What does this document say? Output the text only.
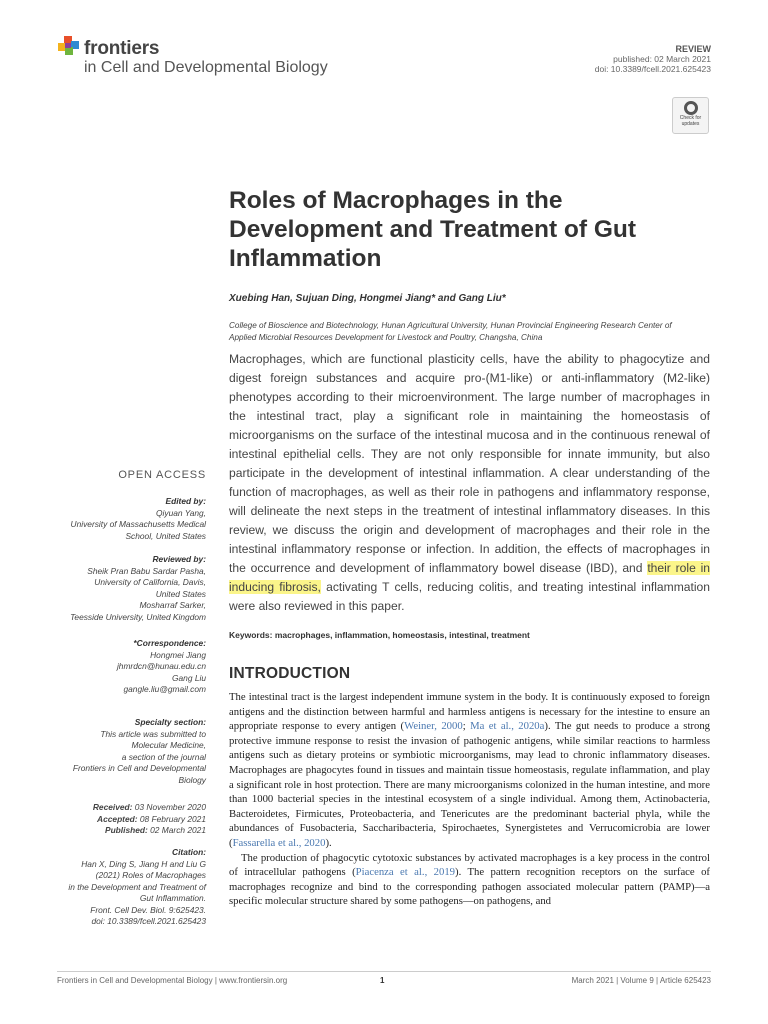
frontiers
in Cell and Developmental Biology
REVIEW
published: 02 March 2021
doi: 10.3389/fcell.2021.625423
Check for
updates
Roles of Macrophages in the Development and Treatment of Gut Inflammation
Xuebing Han, Sujuan Ding, Hongmei Jiang* and Gang Liu*
College of Bioscience and Biotechnology, Hunan Agricultural University, Hunan Provincial Engineering Research Center of Applied Microbial Resources Development for Livestock and Poultry, Changsha, China
Macrophages, which are functional plasticity cells, have the ability to phagocytize and digest foreign substances and acquire pro-(M1-like) or anti-inflammatory (M2-like) phenotypes according to their microenvironment. The large number of macrophages in the intestinal tract, play a significant role in maintaining the homeostasis of microorganisms on the surface of the intestinal mucosa and in the continuous renewal of intestinal epithelial cells. They are not only responsible for innate immunity, but also participate in the development of intestinal inflammation. A clear understanding of the function of macrophages, as well as their role in pathogens and inflammatory response, will delineate the next steps in the treatment of intestinal inflammatory diseases. In this review, we discuss the origin and development of macrophages and their role in the intestinal inflammatory response or infection. In addition, the effects of macrophages in the occurrence and development of inflammatory bowel disease (IBD), and their role in inducing fibrosis, activating T cells, reducing colitis, and treating intestinal inflammation were also reviewed in this paper.
Keywords: macrophages, inflammation, homeostasis, intestinal, treatment
INTRODUCTION

The intestinal tract is the largest independent immune system in the body. It is continuously exposed to foreign antigens and the distinction between harmful and harmless antigens is necessary for the intestine to ensure an appropriate response to every antigen (Weiner, 2000; Ma et al., 2020a). The gut needs to produce a strong protective immune response to resist the invasion of pathogenic antigens, while similar reactions to harmless antigens such as dietary proteins or symbiotic microorganisms, may lead to chronic inflammatory diseases. Macrophages are phagocytes found in tissues and maintain tissue homeostasis, regulate inflammation, and play a significant role in host protection. There are many microorganisms colonized in the human intestine, and more than 1000 bacterial species in the intestinal ecosystem of a single individual. Among them, Actinobacteria, Bacteroidetes, Firmicutes, Proteobacteria, and Tenericutes are the predominant bacterial phyla, while the abundances of Fusobacteria, Saccharibacteria, Spirochaetes, Synergistetes and Verrucomicrobia are lower (Fassarella et al., 2020).

The production of phagocytic cytotoxic substances by activated macrophages is a key process in the control of intracellular pathogens (Piacenza et al., 2019). The pattern recognition receptors on the surface of macrophages recognize and bind to the corresponding pathogen associated molecular pattern (PAMP)—a specific molecular structure shared by some pathogens—on pathogens, and

OPEN ACCESS
Edited by:
Qiyuan Yang,
University of Massachusetts Medical
School, United States
Reviewed by:
Sheik Pran Babu Sardar Pasha,
University of California, Davis,
United States
Mosharraf Sarker,
Teesside University, United Kingdom
*Correspondence:
Hongmei Jiang
jhmrdcn@hunau.edu.cn
Gang Liu
gangle.liu@gmail.com
Specialty section:
This article was submitted to
Molecular Medicine,
a section of the journal
Frontiers in Cell and Developmental
Biology
Received: 03 November 2020
Accepted: 08 February 2021
Published: 02 March 2021
Citation:
Han X, Ding S, Jiang H and Liu G
(2021) Roles of Macrophages
in the Development and Treatment of
Gut Inflammation.
Front. Cell Dev. Biol. 9:625423.
doi: 10.3389/fcell.2021.625423
Frontiers in Cell and Developmental Biology | www.frontiersin.org	1	March 2021 | Volume 9 | Article 625423
